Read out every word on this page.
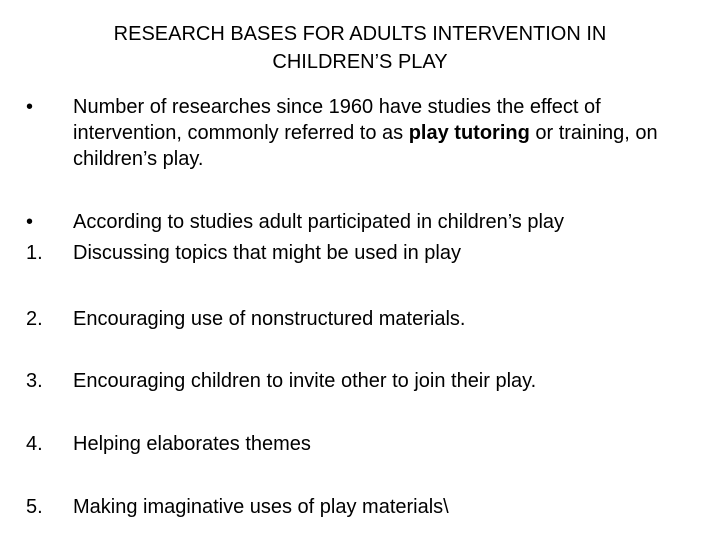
RESEARCH BASES FOR ADULTS INTERVENTION IN
CHILDREN’S PLAY
•	Number of researches since 1960 have studies the effect of intervention, commonly referred to as play tutoring or training, on children’s play.
•	According to studies adult participated in children’s play
1.	Discussing topics that might be used in play
2.	Encouraging use of nonstructured materials.
3.	Encouraging children to invite other to join their play.
4.	Helping elaborates themes
5.	Making imaginative uses of play materials\
